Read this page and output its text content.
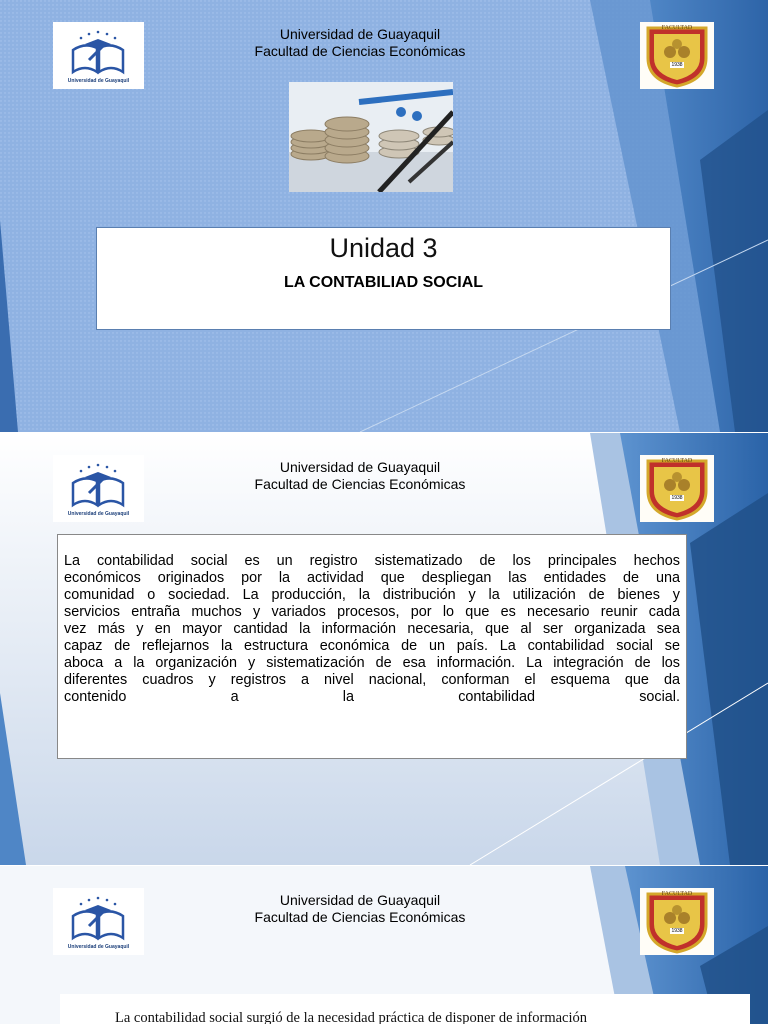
Universidad de Guayaquil
Universidad de Guayaquil
Facultad de Ciencias Económicas
FACULTAD
1938
Unidad 3
LA CONTABILIAD SOCIAL
Universidad de Guayaquil
Universidad de Guayaquil
Facultad de Ciencias Económicas
FACULTAD
1938

La contabilidad social es un registro sistematizado de los principales hechos

económicos originados por la actividad que despliegan las entidades de una

comunidad o sociedad. La producción, la distribución y la utilización de bienes y

servicios entraña muchos y variados procesos, por lo que es necesario reunir cada

vez más y en mayor cantidad la información necesaria, que al ser organizada sea

capaz de reflejarnos la estructura económica de un país. La contabilidad social se

aboca a la organización y sistematización de esa información. La integración de los

diferentes cuadros y registros a nivel nacional, conforman el esquema que da

contenido a la contabilidad social.

Universidad de Guayaquil
Universidad de Guayaquil
Facultad de Ciencias Económicas
FACULTAD
1938
La contabilidad social surgió de la necesidad práctica de disponer de información
